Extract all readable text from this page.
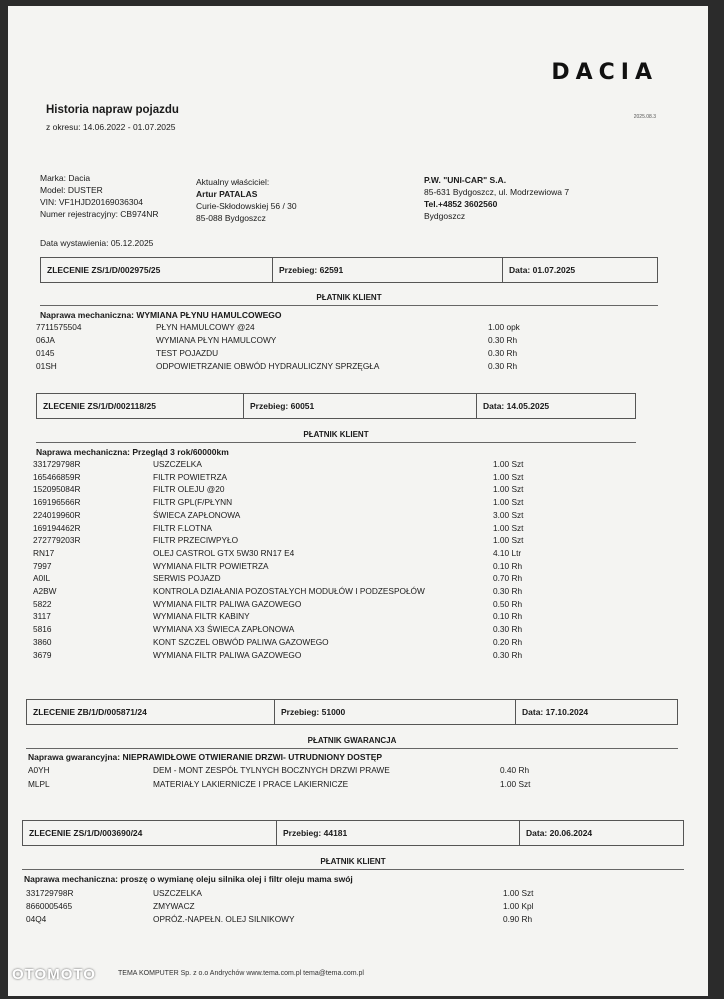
DACIA
2025.08.3
Historia napraw pojazdu
z okresu: 14.06.2022 - 01.07.2025
Marka: Dacia
Model: DUSTER
VIN: VF1HJD20169036304
Numer rejestracyjny: CB974NR
Aktualny właściciel:
Artur PATALAS
Curie-Skłodowskiej 56 / 30
85-088 Bydgoszcz
P.W. "UNI-CAR" S.A.
85-631 Bydgoszcz, ul. Modrzewiowa 7
Tel.+4852 3602560
Bydgoszcz
Data wystawienia: 05.12.2025
ZLECENIE ZS/1/D/002975/25	Przebieg: 62591	Data: 01.07.2025
PŁATNIK KLIENT
Naprawa mechaniczna: WYMIANA PŁYNU HAMULCOWEGO
7711575504	PŁYN HAMULCOWY @24	1.00 opk
06JA	WYMIANA PŁYN HAMULCOWY	0.30 Rh
0145	TEST POJAZDU	0.30 Rh
01SH	ODPOWIETRZANIE OBWÓD HYDRAULICZNY SPRZĘGŁA	0.30 Rh
ZLECENIE ZS/1/D/002118/25	Przebieg: 60051	Data: 14.05.2025
PŁATNIK KLIENT
Naprawa mechaniczna: Przegląd 3 rok/60000km
331729798R	USZCZELKA	1.00 Szt
165466859R	FILTR POWIETRZA	1.00 Szt
152095084R	FILTR OLEJU @20	1.00 Szt
169196566R	FILTR GPL(F/PŁYNN	1.00 Szt
224019960R	ŚWIECA ZAPŁONOWA	3.00 Szt
169194462R	FILTR F.LOTNA	1.00 Szt
272779203R	FILTR PRZECIWPYŁO	1.00 Szt
RN17	OLEJ CASTROL GTX 5W30 RN17 E4	4.10 Ltr
7997	WYMIANA FILTR POWIETRZA	0.10 Rh
A0IL	SERWIS POJAZD	0.70 Rh
A2BW	KONTROLA DZIAŁANIA POZOSTAŁYCH MODUŁÓW I PODZESPOŁÓW	0.30 Rh
5822	WYMIANA FILTR PALIWA GAZOWEGO	0.50 Rh
3117	WYMIANA FILTR KABINY	0.10 Rh
5816	WYMIANA X3 ŚWIECA ZAPŁONOWA	0.30 Rh
3860	KONT SZCZEL OBWÓD PALIWA GAZOWEGO	0.20 Rh
3679	WYMIANA FILTR PALIWA GAZOWEGO	0.30 Rh
ZLECENIE ZB/1/D/005871/24	Przebieg: 51000	Data: 17.10.2024
PŁATNIK GWARANCJA
Naprawa gwarancyjna: NIEPRAWIDŁOWE OTWIERANIE DRZWI- UTRUDNIONY DOSTĘP
A0YH	DEM - MONT ZESPÓŁ TYLNYCH BOCZNYCH DRZWI PRAWE	0.40 Rh
MLPL	MATERIAŁY LAKIERNICZE I PRACE LAKIERNICZE	1.00 Szt
ZLECENIE ZS/1/D/003690/24	Przebieg: 44181	Data: 20.06.2024
PŁATNIK KLIENT
Naprawa mechaniczna: proszę o wymianę oleju silnika olej i filtr oleju mama swój
331729798R	USZCZELKA	1.00 Szt
8660005465	ZMYWACZ	1.00 Kpl
04Q4	OPRÓŻ.-NAPEŁN. OLEJ SILNIKOWY	0.90 Rh
OTOMOTO	TEMA KOMPUTER Sp. z o.o Andrychów www.tema.com.pl tema@tema.com.pl
